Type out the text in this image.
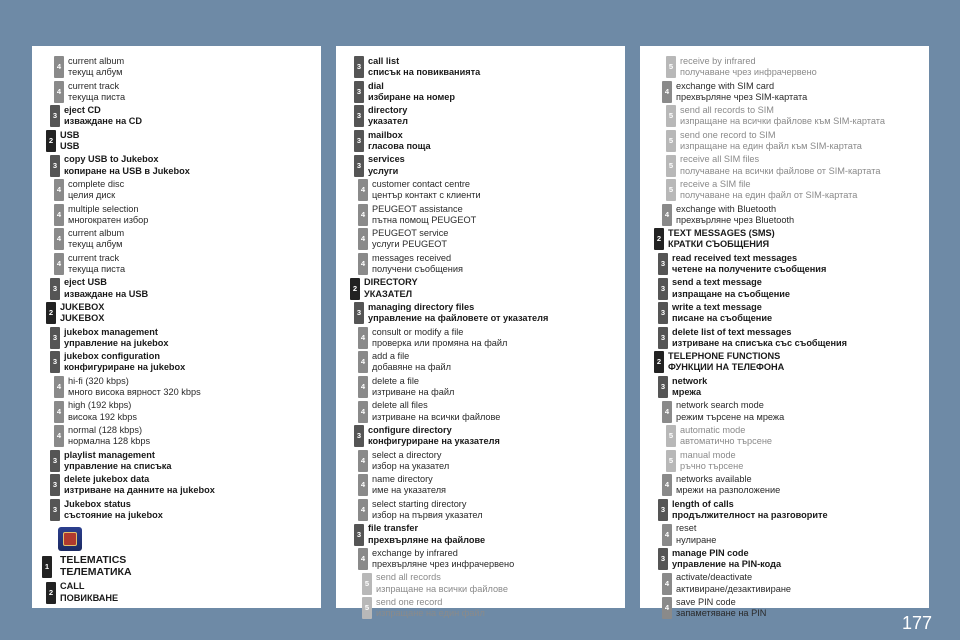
4
current album
текущ албум
4
current track
текуща писта
3
eject CD
изваждане на CD
2
USB
USB
3
copy USB to Jukebox
копиране на USB в Jukebox
4
complete disc
целия диск
4
multiple selection
многократен избор
4
current album
текущ албум
4
current track
текуща писта
3
eject USB
изваждане на USB
2
JUKEBOX
JUKEBOX
3
jukebox management
управление на jukebox
3
jukebox configuration
конфигуриране на jukebox
4
hi-fi (320 kbps)
много висока вярност 320 kbps
4
high (192 kbps)
висока 192 kbps
4
normal (128 kbps)
нормална 128 kbps
3
playlist management
управление на списъка
3
delete jukebox data
изтриване на данните на jukebox
3
Jukebox status
състояние на jukebox
1 TELEMATICS
ТЕЛЕМАТИКА
2
CALL
ПОВИКВАНЕ
3
call list
списък на повикванията
3
dial
избиране на номер
3
directory
указател
3
mailbox
гласова поща
3
services
услуги
4
customer contact centre
център контакт с клиенти
4
PEUGEOT assistance
пътна помощ PEUGEOT
4
PEUGEOT service
услуги PEUGEOT
4
messages received
получени съобщения
2
DIRECTORY
УКАЗАТЕЛ
3
managing directory files
управление на файловете от указателя
4
consult or modify a file
проверка или промяна на файл
4
add a file
добавяне на файл
4
delete a file
изтриване на файл
4
delete all files
изтриване на всички файлове
3
configure directory
конфигуриране на указателя
4
select a directory
избор на указател
4
name directory
име на указателя
4
select starting directory
избор на първия указател
3
file transfer
прехвърляне на файлове
4
exchange by infrared
прехвърляне чрез инфрачервено
5
send all records
изпращане на всички файлове
5
send one record
изпращане на един файл
5
receive by infrared
получаване чрез инфрачервено
4
exchange with SIM card
прехвърляне чрез SIM-картата
5
send all records to SIM
изпращане на всички файлове към SIM-картата
5
send one record to SIM
изпращане на един файл към SIM-картата
5
receive all SIM files
получаване на всички файлове от SIM-картата
5
receive a SIM file
получаване на един файл от SIM-картата
4
exchange with Bluetooth
прехвърляне чрез Bluetooth
2
TEXT MESSAGES (SMS)
КРАТКИ СЪОБЩЕНИЯ
3
read received text messages
четене на получените съобщения
3
send a text message
изпращане на съобщение
3
write a text message
писане на съобщение
3
delete list of text messages
изтриване на списъка със съобщения
2
TELEPHONE FUNCTIONS
ФУНКЦИИ НА ТЕЛЕФОНА
3
network
мрежа
4
network search mode
режим търсене на мрежа
5
automatic mode
автоматично търсене
5
manual mode
ръчно търсене
4
networks available
мрежи на разположение
3
length of calls
продължителност на разговорите
4
reset
нулиране
3
manage PIN code
управление на PIN-кода
4
activate/deactivate
активиране/дезактивиране
4
save PIN code
запаметяване на PIN	177
